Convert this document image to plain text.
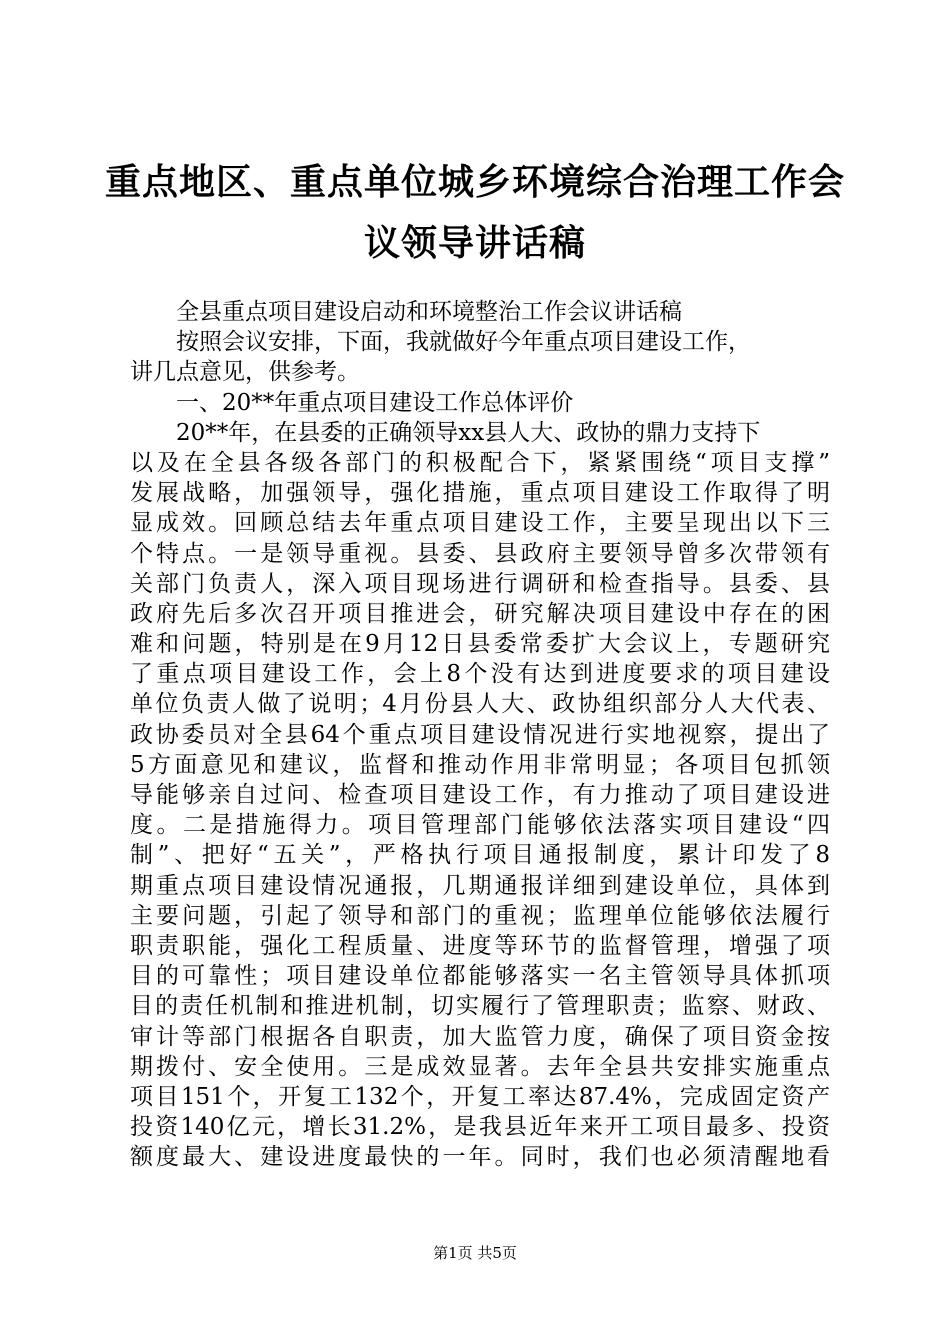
重点地区、重点单位城乡环境综合治理工作会
议领导讲话稿
全县重点项目建设启动和环境整治工作会议讲话稿
按照会议安排，下面，我就做好今年重点项目建设工作，
讲几点意见，供参考。
一、20**年重点项目建设工作总体评价
20**年，在县委的正确领导xx县人大、政协的鼎力支持下
以及在全县各级各部门的积极配合下，紧紧围绕“项目支撑”
发展战略，加强领导，强化措施，重点项目建设工作取得了明
显成效。回顾总结去年重点项目建设工作，主要呈现出以下三
个特点。一是领导重视。县委、县政府主要领导曾多次带领有
关部门负责人，深入项目现场进行调研和检查指导。县委、县
政府先后多次召开项目推进会，研究解决项目建设中存在的困
难和问题，特别是在9月12日县委常委扩大会议上，专题研究
了重点项目建设工作，会上8个没有达到进度要求的项目建设
单位负责人做了说明；4月份县人大、政协组织部分人大代表、
政协委员对全县64个重点项目建设情况进行实地视察，提出了
5方面意见和建议，监督和推动作用非常明显；各项目包抓领
导能够亲自过问、检查项目建设工作，有力推动了项目建设进
度。二是措施得力。项目管理部门能够依法落实项目建设“四
制”、把好“五关”，严格执行项目通报制度，累计印发了8
期重点项目建设情况通报，几期通报详细到建设单位，具体到
主要问题，引起了领导和部门的重视；监理单位能够依法履行
职责职能，强化工程质量、进度等环节的监督管理，增强了项
目的可靠性；项目建设单位都能够落实一名主管领导具体抓项
目的责任机制和推进机制，切实履行了管理职责；监察、财政、
审计等部门根据各自职责，加大监管力度，确保了项目资金按
期拨付、安全使用。三是成效显著。去年全县共安排实施重点
项目151个，开复工132个，开复工率达87.4%，完成固定资产
投资140亿元，增长31.2%，是我县近年来开工项目最多、投资
额度最大、建设进度最快的一年。同时，我们也必须清醒地看
第1页 共5页
